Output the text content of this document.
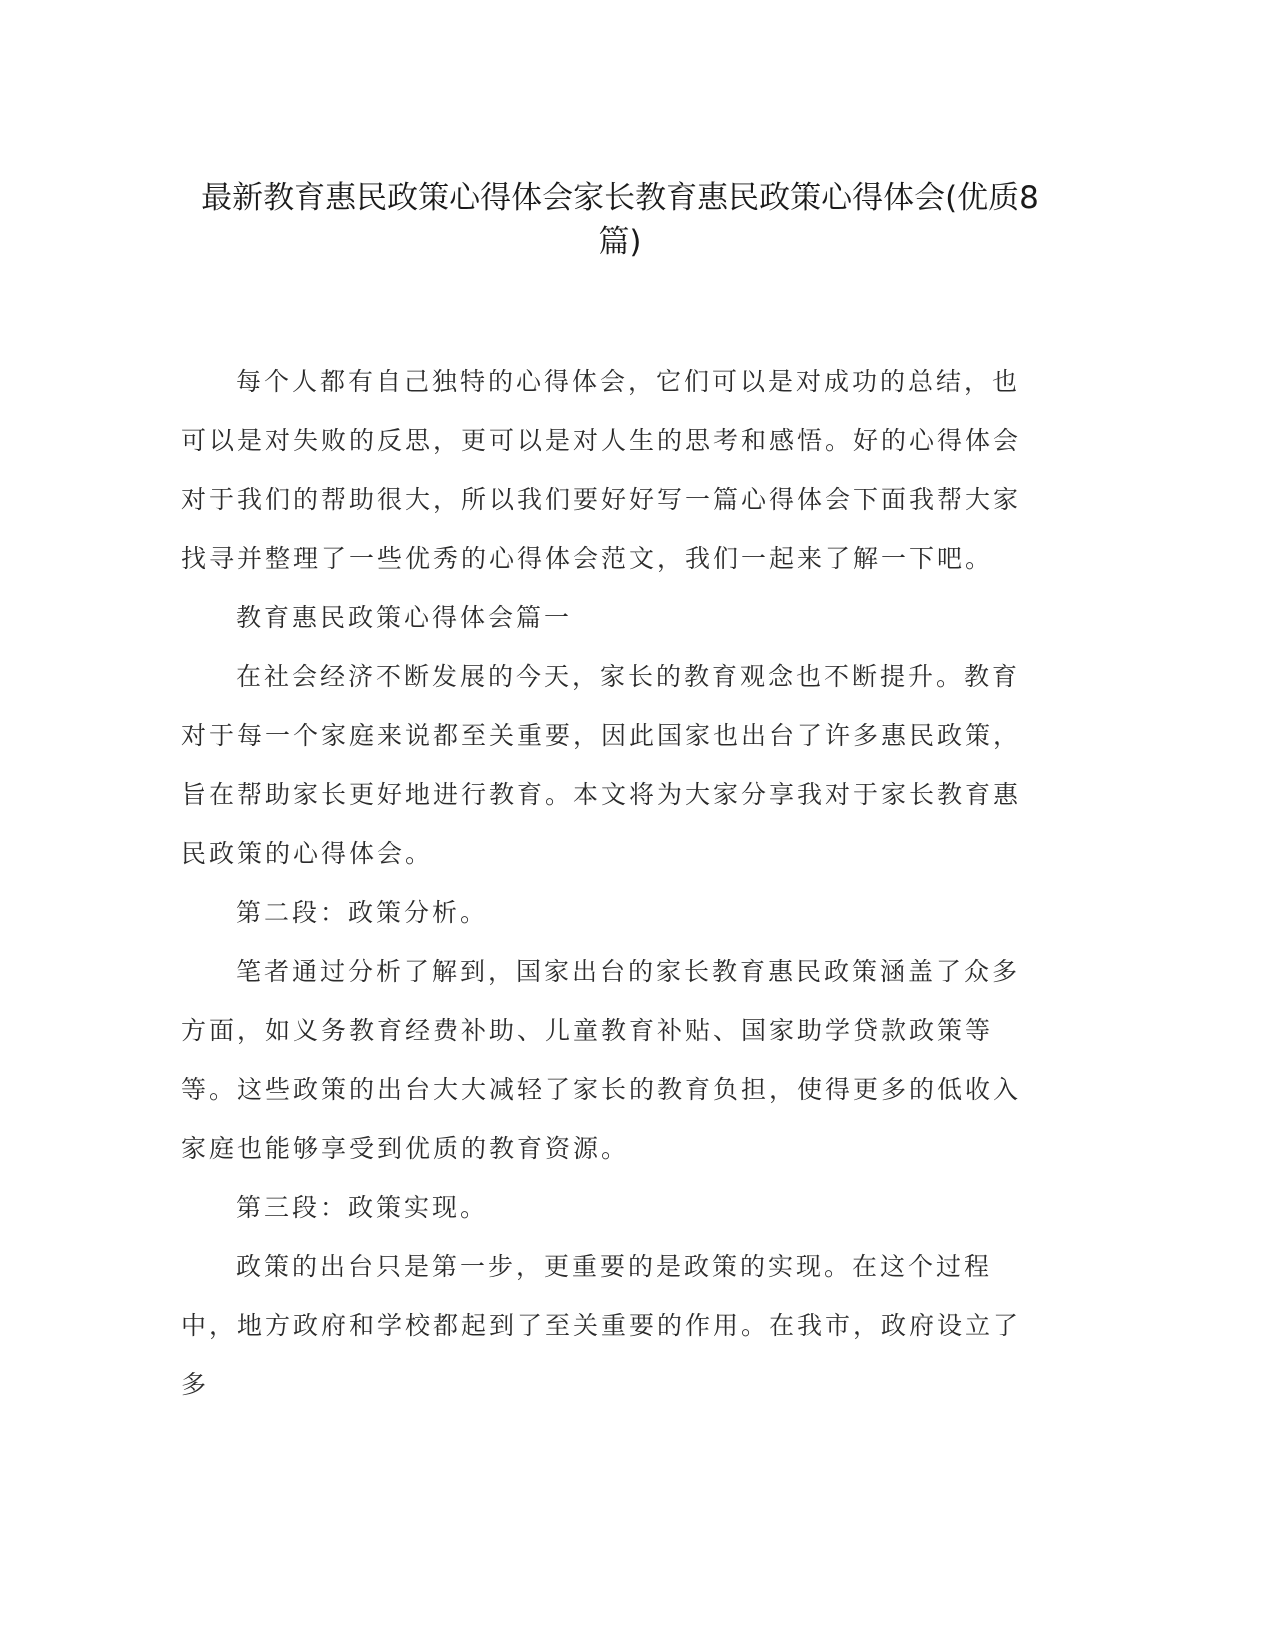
最新教育惠民政策心得体会家长教育惠民政策心得体会(优质8篇)

每个人都有自己独特的心得体会，它们可以是对成功的总结，也可以是对失败的反思，更可以是对人生的思考和感悟。好的心得体会对于我们的帮助很大，所以我们要好好写一篇心得体会下面我帮大家找寻并整理了一些优秀的心得体会范文，我们一起来了解一下吧。

教育惠民政策心得体会篇一

在社会经济不断发展的今天，家长的教育观念也不断提升。教育对于每一个家庭来说都至关重要，因此国家也出台了许多惠民政策，旨在帮助家长更好地进行教育。本文将为大家分享我对于家长教育惠民政策的心得体会。

第二段：政策分析。

笔者通过分析了解到，国家出台的家长教育惠民政策涵盖了众多方面，如义务教育经费补助、儿童教育补贴、国家助学贷款政策等等。这些政策的出台大大减轻了家长的教育负担，使得更多的低收入家庭也能够享受到优质的教育资源。

第三段：政策实现。

政策的出台只是第一步，更重要的是政策的实现。在这个过程中，地方政府和学校都起到了至关重要的作用。在我市，政府设立了多
